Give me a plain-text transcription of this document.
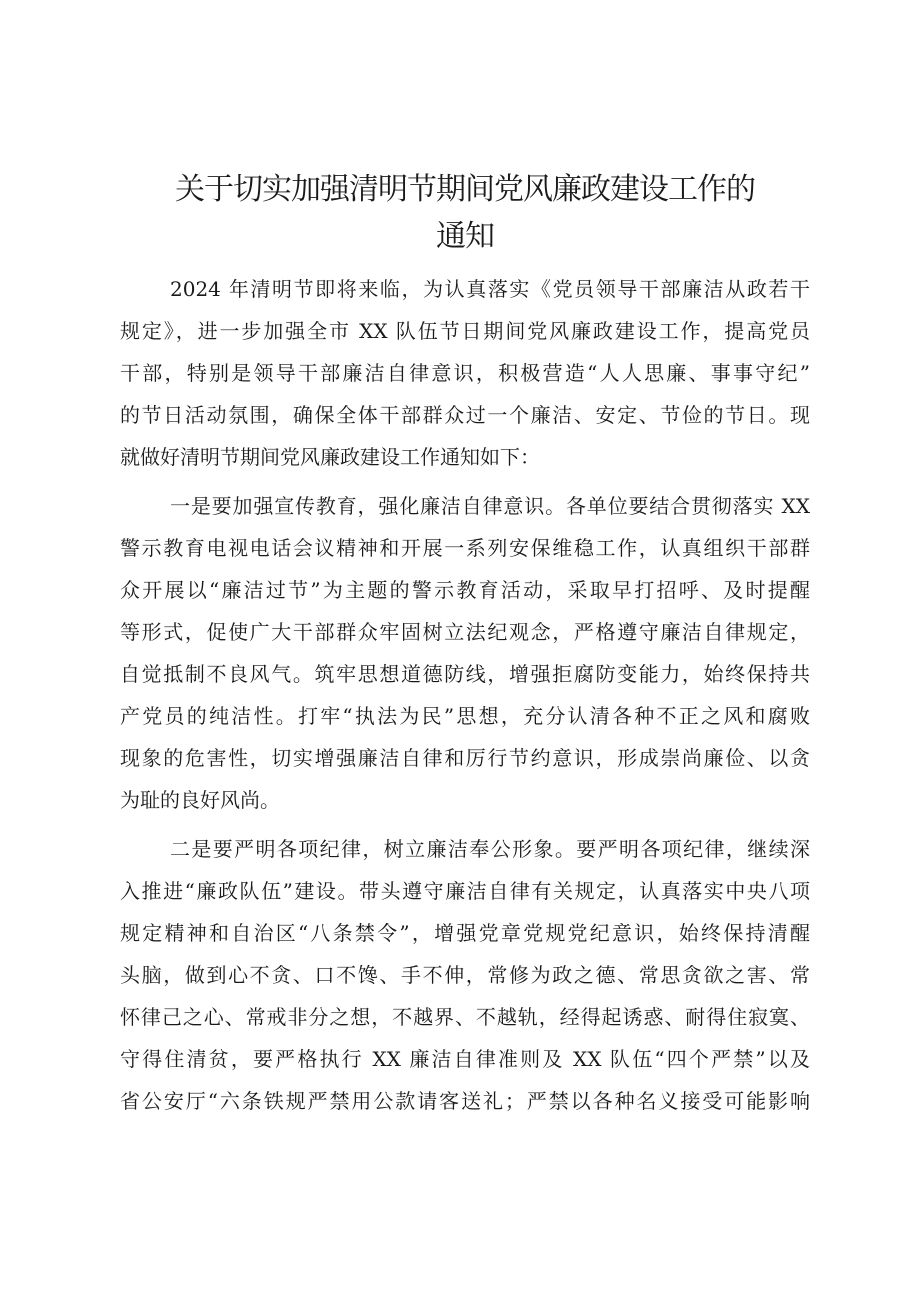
关于切实加强清明节期间党风廉政建设工作的
通知
2024 年清明节即将来临，为认真落实《党员领导干部廉洁从政若干
规定》，进一步加强全市 XX 队伍节日期间党风廉政建设工作，提高党员
干部，特别是领导干部廉洁自律意识，积极营造“人人思廉、事事守纪”
的节日活动氛围，确保全体干部群众过一个廉洁、安定、节俭的节日。现
就做好清明节期间党风廉政建设工作通知如下：
一是要加强宣传教育，强化廉洁自律意识。各单位要结合贯彻落实 XX
警示教育电视电话会议精神和开展一系列安保维稳工作，认真组织干部群
众开展以“廉洁过节”为主题的警示教育活动，采取早打招呼、及时提醒
等形式，促使广大干部群众牢固树立法纪观念，严格遵守廉洁自律规定，
自觉抵制不良风气。筑牢思想道德防线，增强拒腐防变能力，始终保持共
产党员的纯洁性。打牢“执法为民”思想，充分认清各种不正之风和腐败
现象的危害性，切实增强廉洁自律和厉行节约意识，形成崇尚廉俭、以贪
为耻的良好风尚。
二是要严明各项纪律，树立廉洁奉公形象。要严明各项纪律，继续深
入推进“廉政队伍”建设。带头遵守廉洁自律有关规定，认真落实中央八项
规定精神和自治区“八条禁令”，增强党章党规党纪意识，始终保持清醒
头脑，做到心不贪、口不馋、手不伸，常修为政之德、常思贪欲之害、常
怀律己之心、常戒非分之想，不越界、不越轨，经得起诱惑、耐得住寂寞、
守得住清贫，要严格执行 XX 廉洁自律准则及 XX 队伍“四个严禁”以及
省公安厅“六条铁规严禁用公款请客送礼；严禁以各种名义接受可能影响
